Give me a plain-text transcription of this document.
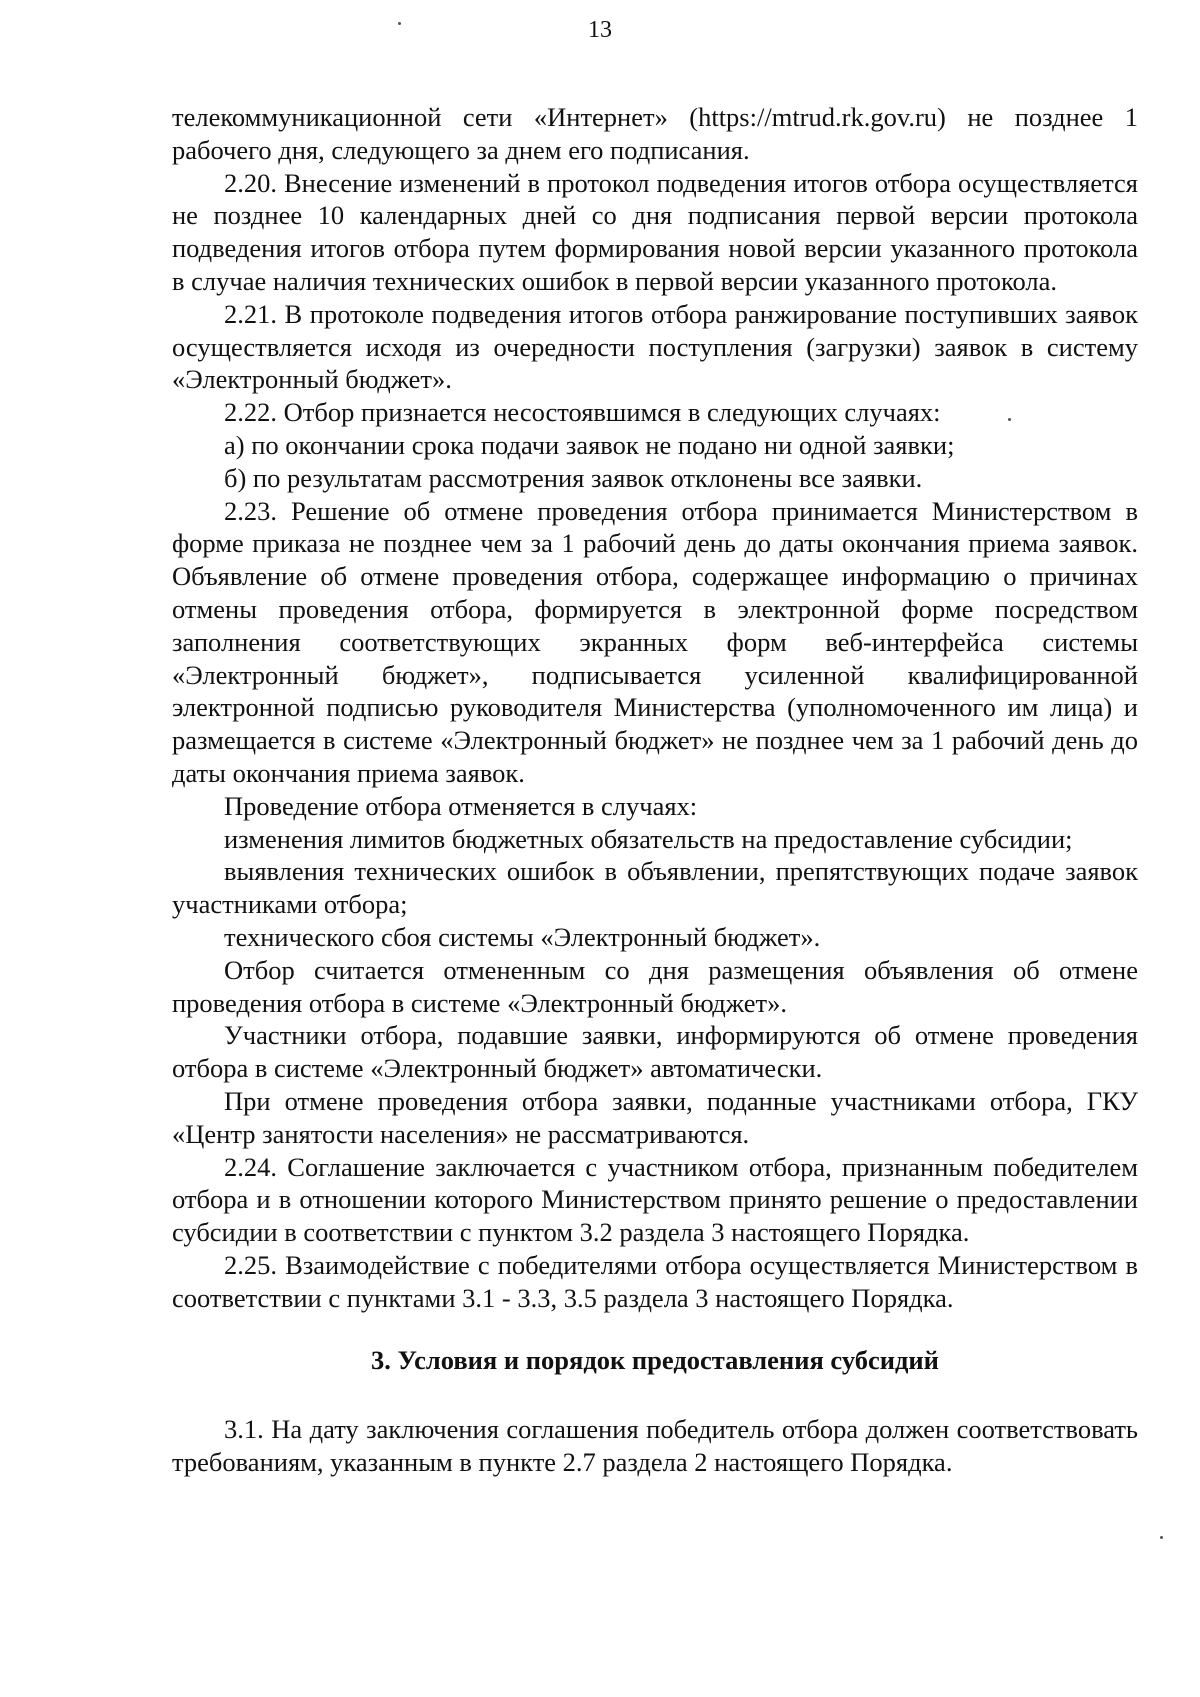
13

телекоммуникационной сети «Интернет» (https://mtrud.rk.gov.ru) не позднее 1 рабочего дня, следующего за днем его подписания.

2.20. Внесение изменений в протокол подведения итогов отбора осуществляется не позднее 10 календарных дней со дня подписания первой версии протокола подведения итогов отбора путем формирования новой версии указанного протокола в случае наличия технических ошибок в первой версии указанного протокола.

2.21. В протоколе подведения итогов отбора ранжирование поступивших заявок осуществляется исходя из очередности поступления (загрузки) заявок в систему «Электронный бюджет».

2.22. Отбор признается несостоявшимся в следующих случаях:

а) по окончании срока подачи заявок не подано ни одной заявки;

б) по результатам рассмотрения заявок отклонены все заявки.

2.23. Решение об отмене проведения отбора принимается Министерством в форме приказа не позднее чем за 1 рабочий день до даты окончания приема заявок. Объявление об отмене проведения отбора, содержащее информацию о причинах отмены проведения отбора, формируется в электронной форме посредством заполнения соответствующих экранных форм веб-интерфейса системы «Электронный бюджет», подписывается усиленной квалифицированной электронной подписью руководителя Министерства (уполномоченного им лица) и размещается в системе «Электронный бюджет» не позднее чем за 1 рабочий день до даты окончания приема заявок.

Проведение отбора отменяется в случаях:

изменения лимитов бюджетных обязательств на предоставление субсидии;

выявления технических ошибок в объявлении, препятствующих подаче заявок участниками отбора;

технического сбоя системы «Электронный бюджет».

Отбор считается отмененным со дня размещения объявления об отмене проведения отбора в системе «Электронный бюджет».

Участники отбора, подавшие заявки, информируются об отмене проведения отбора в системе «Электронный бюджет» автоматически.

При отмене проведения отбора заявки, поданные участниками отбора, ГКУ «Центр занятости населения» не рассматриваются.

2.24. Соглашение заключается с участником отбора, признанным победителем отбора и в отношении которого Министерством принято решение о предоставлении субсидии в соответствии с пунктом 3.2 раздела 3 настоящего Порядка.

2.25. Взаимодействие с победителями отбора осуществляется Министерством в соответствии с пунктами 3.1 - 3.3, 3.5 раздела 3 настоящего Порядка.

3. Условия и порядок предоставления субсидий

3.1. На дату заключения соглашения победитель отбора должен соответствовать требованиям, указанным в пункте 2.7 раздела 2 настоящего Порядка.
